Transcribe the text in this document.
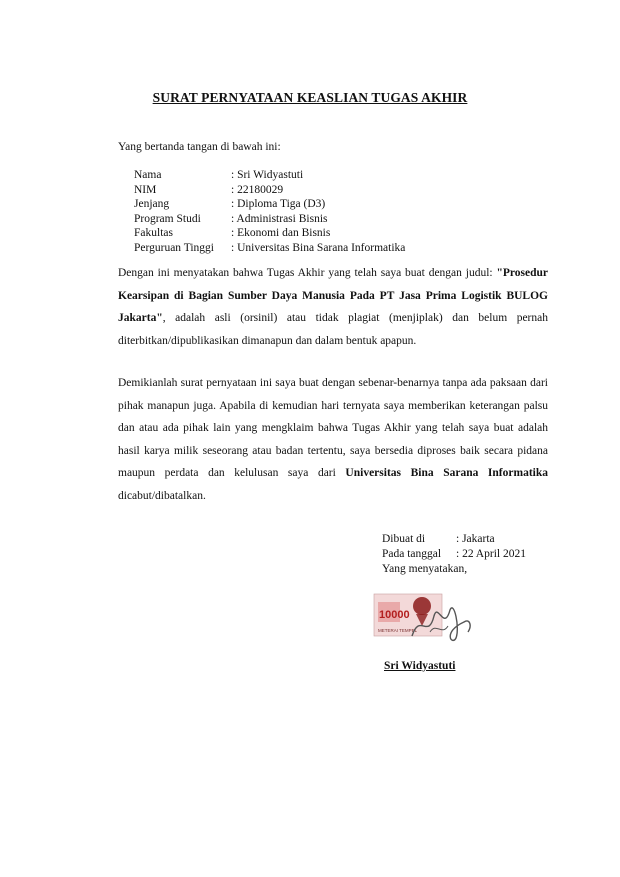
SURAT PERNYATAAN KEASLIAN TUGAS AKHIR
Yang bertanda tangan di bawah ini:
Nama	: Sri Widyastuti
NIM	: 22180029
Jenjang	: Diploma Tiga (D3)
Program Studi	: Administrasi Bisnis
Fakultas	: Ekonomi dan Bisnis
Perguruan Tinggi	: Universitas Bina Sarana Informatika
Dengan ini menyatakan bahwa Tugas Akhir yang telah saya buat dengan judul: "Prosedur Kearsipan di Bagian Sumber Daya Manusia Pada PT Jasa Prima Logistik BULOG Jakarta", adalah asli (orsinil) atau tidak plagiat (menjiplak) dan belum pernah diterbitkan/dipublikasikan dimanapun dan dalam bentuk apapun.
Demikianlah surat pernyataan ini saya buat dengan sebenar-benarnya tanpa ada paksaan dari pihak manapun juga. Apabila di kemudian hari ternyata saya memberikan keterangan palsu dan atau ada pihak lain yang mengklaim bahwa Tugas Akhir yang telah saya buat adalah hasil karya milik seseorang atau badan tertentu, saya bersedia diproses baik secara pidana maupun perdata dan kelulusan saya dari Universitas Bina Sarana Informatika dicabut/dibatalkan.
Dibuat di	: Jakarta
Pada tanggal	: 22 April 2021
Yang menyatakan,	
10000
METERAI TEMPEL
Sri Widyastuti
